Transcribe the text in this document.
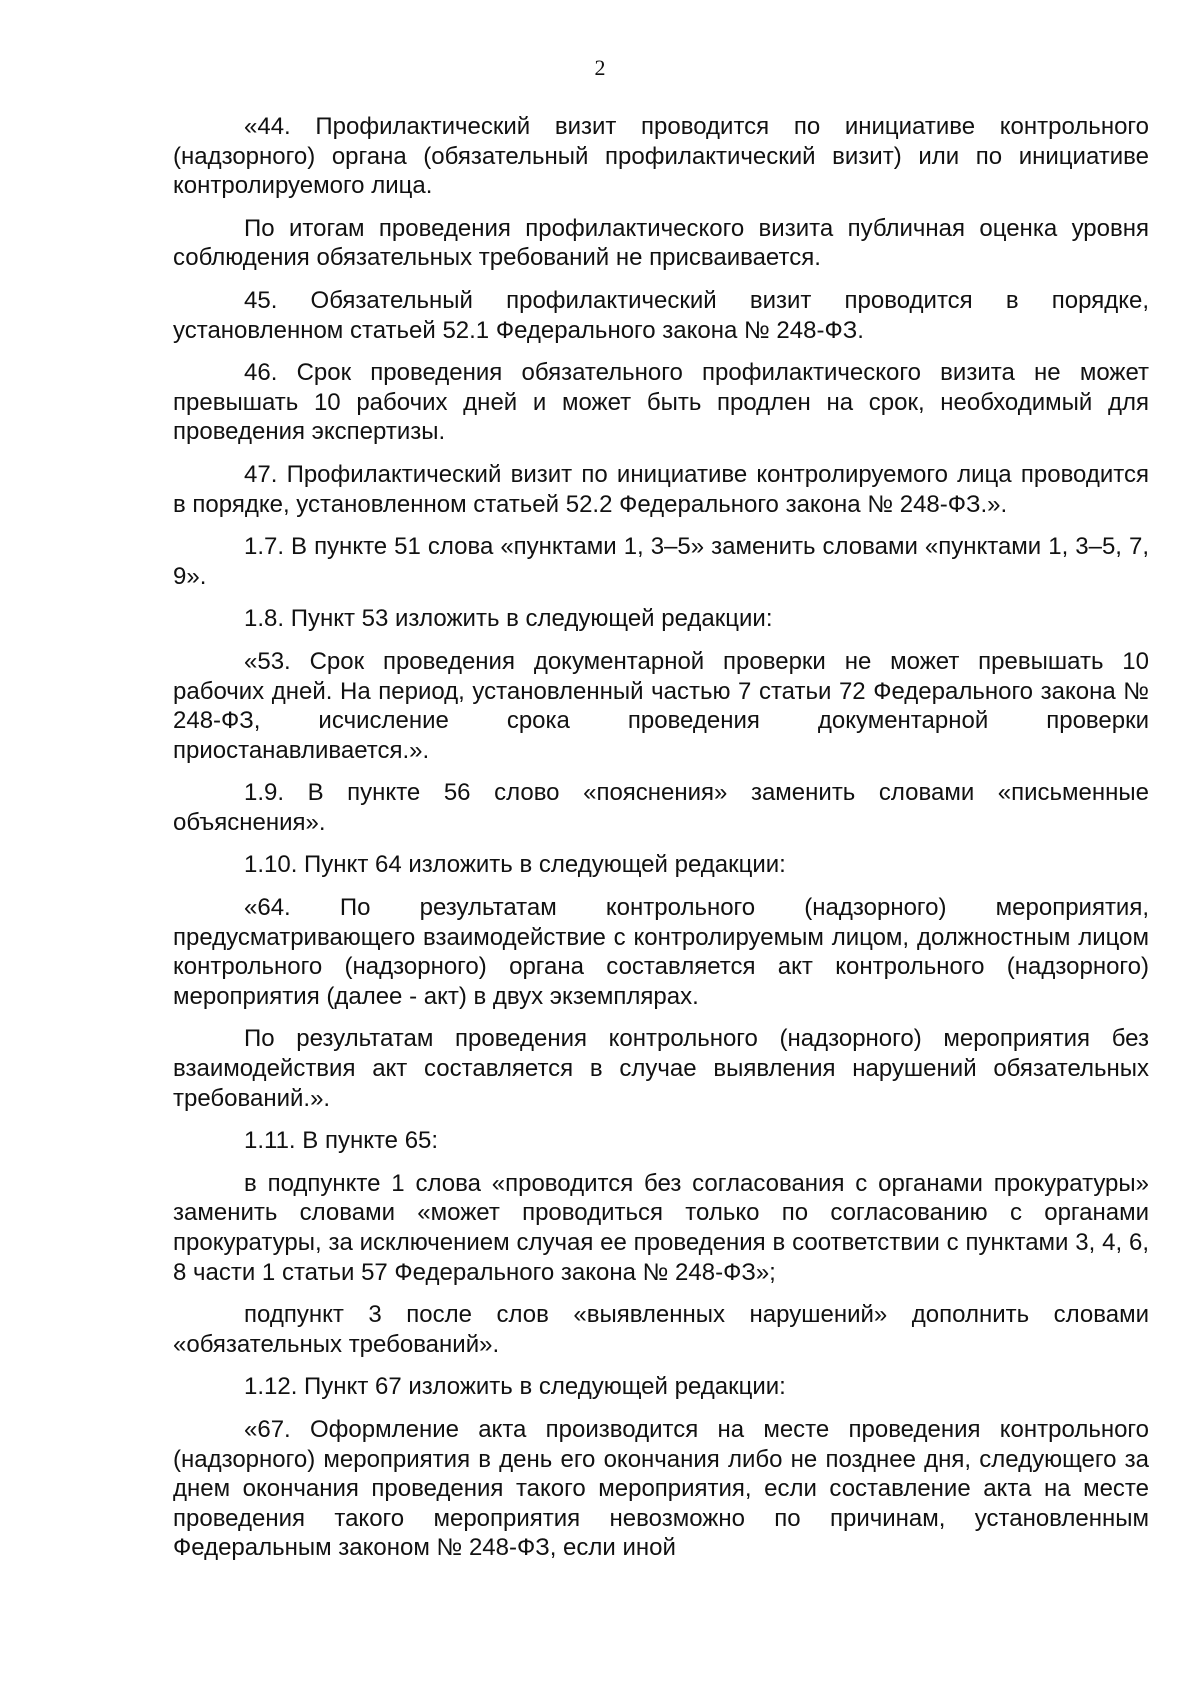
2

«44. Профилактический визит проводится по инициативе контрольного (надзорного) органа (обязательный профилактический визит) или по инициативе контролируемого лица.

По итогам проведения профилактического визита публичная оценка уровня соблюдения обязательных требований не присваивается.

45. Обязательный профилактический визит проводится в порядке, установленном статьей 52.1 Федерального закона № 248-ФЗ.

46. Срок проведения обязательного профилактического визита не может превышать 10 рабочих дней и может быть продлен на срок, необходимый для проведения экспертизы.

47. Профилактический визит по инициативе контролируемого лица проводится в порядке, установленном статьей 52.2 Федерального закона № 248-ФЗ.».

1.7. В пункте 51 слова «пунктами 1, 3–5» заменить словами «пунктами 1, 3–5, 7, 9».

1.8. Пункт 53 изложить в следующей редакции:

«53. Срок проведения документарной проверки не может превышать 10 рабочих дней. На период, установленный частью 7 статьи 72 Федерального закона № 248-ФЗ, исчисление срока проведения документарной проверки приостанавливается.».

1.9. В пункте 56 слово «пояснения» заменить словами «письменные объяснения».

1.10. Пункт 64 изложить в следующей редакции:

«64. По результатам контрольного (надзорного) мероприятия, предусматривающего взаимодействие с контролируемым лицом, должностным лицом контрольного (надзорного) органа составляется акт контрольного (надзорного) мероприятия (далее - акт) в двух экземплярах.

По результатам проведения контрольного (надзорного) мероприятия без взаимодействия акт составляется в случае выявления нарушений обязательных требований.».

1.11. В пункте 65:

в подпункте 1 слова «проводится без согласования с органами прокуратуры» заменить словами «может проводиться только по согласованию с органами прокуратуры, за исключением случая ее проведения в соответствии с пунктами 3, 4, 6, 8 части 1 статьи 57 Федерального закона № 248-ФЗ»;

подпункт 3 после слов «выявленных нарушений» дополнить словами «обязательных требований».

1.12. Пункт 67 изложить в следующей редакции:

«67. Оформление акта производится на месте проведения контрольного (надзорного) мероприятия в день его окончания либо не позднее дня, следующего за днем окончания проведения такого мероприятия, если составление акта на месте проведения такого мероприятия невозможно по причинам, установленным Федеральным законом № 248-ФЗ, если иной
